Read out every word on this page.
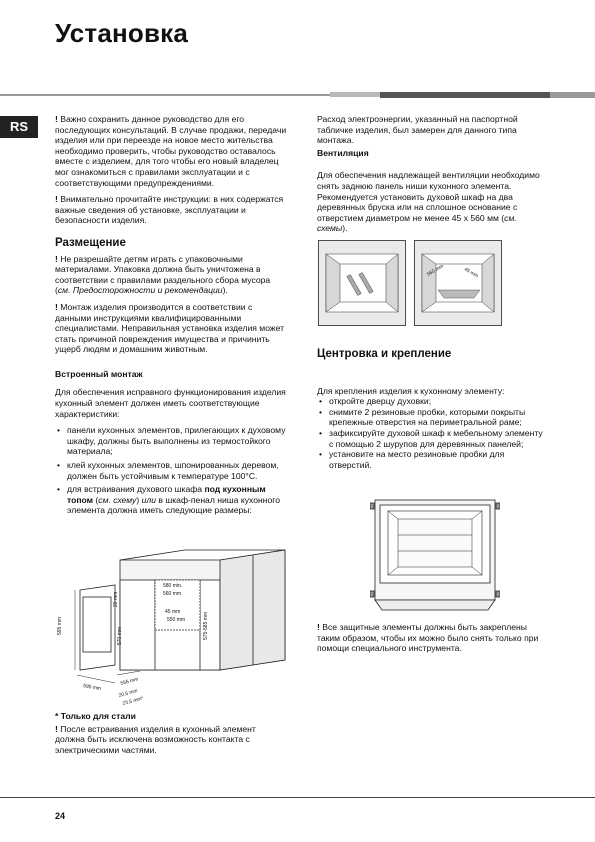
Установка
RS	! Важно сохранить данное руководство для его последующих консультаций. В случае продажи, передачи изделия или при переезде на новое место жительства необходимо проверить, чтобы руководство оставалось вместе с изделием, для того чтобы его новый владелец мог ознакомиться с правилами эксплуатации и с соответствующими предупреждениями.

! Внимательно прочитайте инструкции: в них содержатся важные сведения об установке, эксплуатации и безопасности изделия.

Размещение

! Не разрешайте детям играть с упаковочными материалами. Упаковка должна быть уничтожена в соответствии с правилами раздельного сбора мусора (см. Предосторожности и рекомендации).

! Монтаж изделия производится в соответствии с данными инструкциями квалифицированными специалистами. Неправильная установка изделия может стать причиной повреждения имущества и причинить ущерб людям и домашним животным.

Встроенный монтаж

Для обеспечения исправного функционирования изделия кухонный элемент должен иметь соответствующие характеристики:

• панели кухонных элементов, прилегающих к духовому шкафу, должны быть выполнены из термостойкого материала;
• клей кухонных элементов, шпонированных деревом, должен быть устойчивым к температуре 100°C.
• для встраивания духового шкафа под кухонным топом (см. схему) или в шкаф-пенал ниша кухонного элемента должна иметь следующие размеры:
595 mm
20 mm
570 mm
595 mm
556 mm
20,5 mm
23,5 mm*
580 min.
560 mm
45 mm
550 mm	575-585 mm

* Только для стали

! После встраивания изделия в кухонный элемент должна быть исключена возможность контакта с электрическими частями.

Расход электроэнергии, указанный на паспортной табличке изделия, был замерен для данного типа монтажа.

Вентиляция

Для обеспечения надлежащей вентиляции необходимо снять заднюю панель ниши кухонного элемента. Рекомендуется установить духовой шкаф на два деревянных бруска или на сплошное основание с отверстием диаметром не менее 45 х 560 мм (см. схемы).

560 mm	45 mm
Центровка и крепление

Для крепления изделия к кухонному элементу:

• откройте дверцу духовки;
• снимите 2 резиновые пробки, которыми покрыты крепежные отверстия на периметральной раме;
• зафиксируйте духовой шкаф к мебельному элементу с помощью 2 шурупов для деревянных панелей;
• установите на место резиновые пробки для отверстий.

! Все защитные элементы должны быть закреплены таким образом, чтобы их можно было снять только при помощи специального инструмента.

24
